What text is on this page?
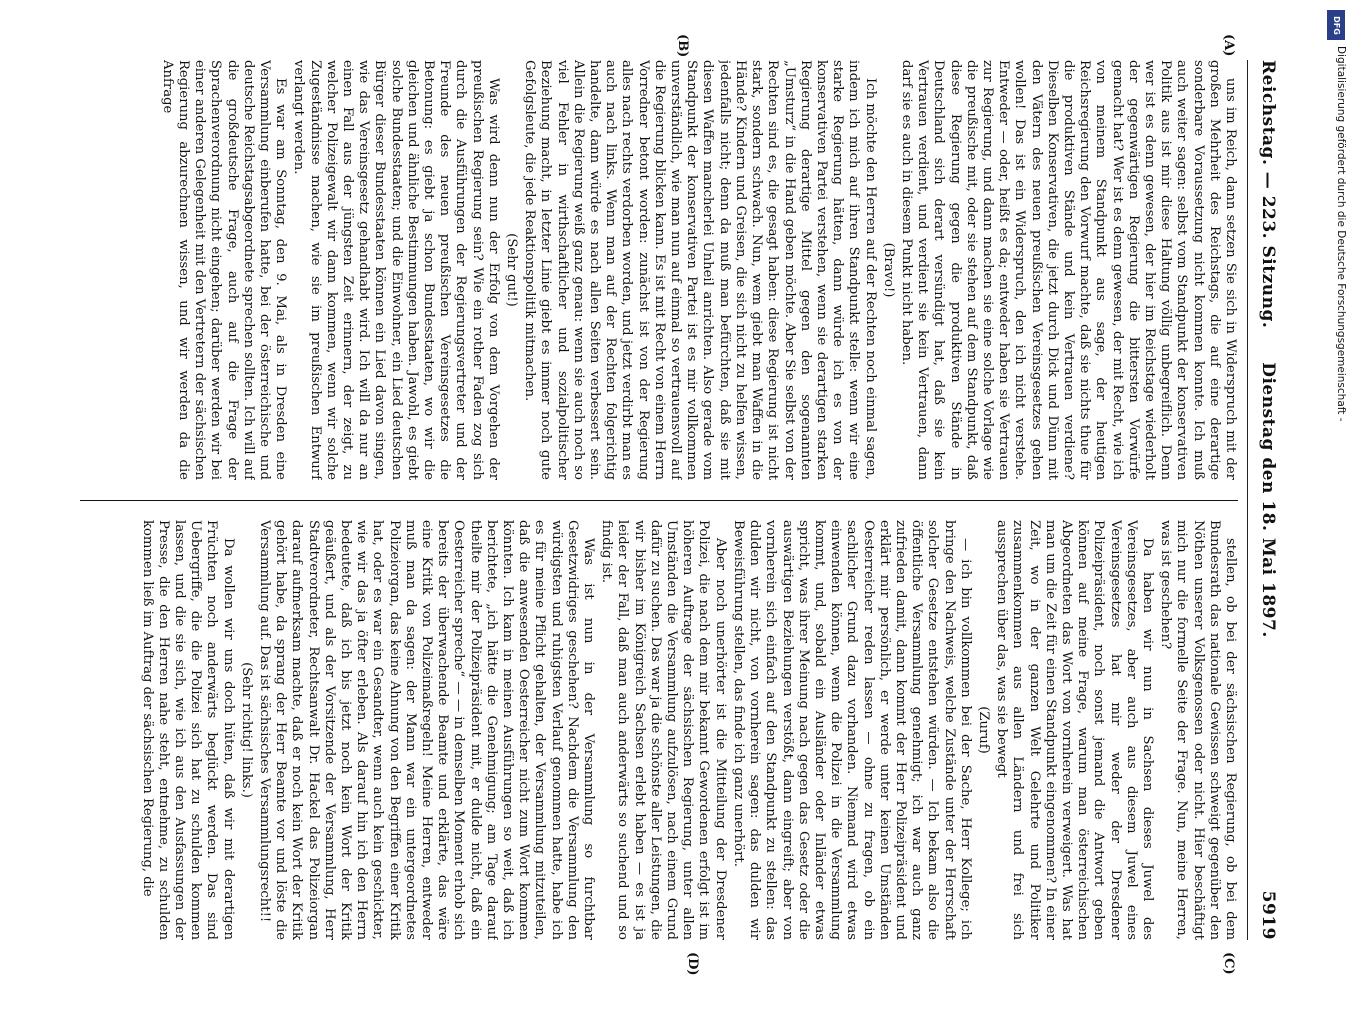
Reichstag. — 223. Sitzung.
Dienstag den 18. Mai 1897.
5919
(A)
(B)
(C)
(D)

uns im Reich, dann setzen Sie sich in Widerspruch mit der großen Mehrheit des Reichstags, die auf eine derartige sonderbare Voraussetzung nicht kommen konnte. Ich muß auch weiter sagen: selbst vom Standpunkt der konservativen Politik aus ist mir diese Haltung völlig unbegreiflich. Denn wer ist es denn gewesen, der hier im Reichstage wiederholt der gegenwärtigen Regierung die bittersten Vorwürfe gemacht hat? Wer ist es denn gewesen, der mit Recht, wie ich von meinem Standpunkt aus sage, der heutigen Reichsregierung den Vorwurf machte, daß sie nichts thue für die produktiven Stände und kein Vertrauen verdiene? Dieselben Konservativen, die jetzt durch Dick und Dünn mit den Vätern des neuen preußischen Vereinsgesetzes gehen wollen! Das ist ein Widerspruch, den ich nicht verstehe. Entweder — oder, heißt es da; entweder haben sie Vertrauen zur Regierung, und dann machen sie eine solche Vorlage wie die preußische mit, oder sie stehen auf dem Standpunkt, daß diese Regierung gegen die produktiven Stände in Deutschland sich derart versündigt hat, daß sie kein Vertrauen verdient, und verdient sie kein Vertrauen, dann darf sie es auch in diesem Punkt nicht haben.

(Bravo!)

Ich möchte den Herren auf der Rechten noch einmal sagen, indem ich mich auf ihren Standpunkt stelle: wenn wir eine starke Regierung hätten, dann würde ich es von der konservativen Partei verstehen, wenn sie derartigen starken Regierung derartige Mittel gegen den sogenannten „Umsturz“ in die Hand geben möchte. Aber Sie selbst von der Rechten sind es, die gesagt haben: diese Regierung ist nicht stark, sondern schwach. Nun, wem giebt man Waffen in die Hände? Kindern und Greisen, die sich nicht zu helfen wissen, jedenfalls nicht; denn da muß man befürchten, daß sie mit diesen Waffen mancherlei Unheil anrichten. Also gerade vom Standpunkt der konservativen Partei ist es mir vollkommen unverständlich, wie man nun auf einmal so vertrauensvoll auf die Regierung blicken kann. Es ist mit Recht von einem Herrn Vorredner betont worden: zunächst ist von der Regierung alles nach rechts verdorben worden, und jetzt verdirbt man es auch nach links. Wenn man auf der Rechten folgerichtig handelte, dann würde es nach allen Seiten verbessert sein. Allein die Regierung weiß ganz genau: wenn sie auch noch so viel Fehler in wirthschaftlicher und sozialpolitischer Beziehung macht, in letzter Linie giebt es immer noch gute Gefolgsleute, die jede Reaktionspolitik mitmachen.

(Sehr gut!)

Was wird denn nun der Erfolg von dem Vorgehen der preußischen Regierung sein? Wie ein rother Faden zog sich durch die Ausführungen der Regierungsvertreter und der Freunde des neuen preußischen Vereinsgesetzes die Betonung: es giebt ja schon Bundesstaaten, wo wir die gleichen und ähnliche Bestimmungen haben. Jawohl, es giebt solche Bundesstaaten; und die Einwohner, ein Lied deutschen Bürger dieser Bundesstaaten können ein Lied davon singen, wie das Vereinsgesetz gehandhabt wird. Ich will da nur an einen Fall aus der jüngsten Zeit erinnern, der zeigt, zu welcher Polizeigewalt wir dann kommen, wenn wir solche Zugeständnisse machen, wie sie im preußischen Entwurf verlangt werden.

Es war am Sonntag, den 9. Mai, als in Dresden eine Versammlung einberufen hatte, bei der österreichische und deutsche Reichstagsabgeordnete sprechen sollten. Ich will auf die großdeutsche Frage, auch auf die Frage der Sprachenverordnung nicht eingehen; darüber werden wir bei einer anderen Gelegenheit mit den Vertretern der sächsischen Regierung abzurechnen wissen, und wir werden da die Anfrage

stellen, ob bei der sächsischen Regierung, ob bei dem Bundesrath das nationale Gewissen schweigt gegenüber den Nöthen unserer Volksgenossen oder nicht. Hier beschäftigt mich nur die formelle Seite der Frage. Nun, meine Herren, was ist geschehen?

Da haben wir nun in Sachsen dieses Juwel des Vereinsgesetzes, aber auch aus diesem Juwel eines Vereinsgesetzes hat mir weder der Dresdener Polizeipräsident, noch sonst jemand die Antwort geben können auf meine Frage, warum man österreichischen Abgeordneten das Wort von vornherein verweigert. Was hat man um die Zeit für einen Standpunkt eingenommen? In einer Zeit, wo in der ganzen Welt Gelehrte und Politiker zusammenkommen aus allen Ländern und frei sich aussprechen über das, was sie bewegt

(Zuruf)

— ich bin vollkommen bei der Sache, Herr Kollege; ich bringe den Nachweis, welche Zustände unter der Herrschaft solcher Gesetze entstehen würden. — Ich bekam also die öffentliche Versammlung genehmigt; ich war auch ganz zufrieden damit, dann kommt der Herr Polizeipräsident und erklärt mir persönlich, er werde unter keinen Umständen Oesterreicher reden lassen — ohne zu fragen, ob ein sachlicher Grund dazu vorhanden. Niemand wird etwas einwenden können, wenn die Polizei in die Versammlung kommt, und, sobald ein Ausländer oder Inländer etwas spricht, was ihrer Meinung nach gegen das Gesetz oder die auswärtigen Beziehungen verstößt, dann eingreift; aber von vornherein sich einfach auf den Standpunkt zu stellen: das dulden wir nicht, von vornherein sagen: das dulden wir Beweisführung stellen, das finde ich ganz unerhört.

Aber noch unerhörter ist die Mitteilung der Dresdener Polizei, die nach dem mir bekannt Gewordenen erfolgt ist im höheren Auftrage der sächsischen Regierung, unter allen Umständen die Versammlung aufzulösen, nach einem Grund dafür zu suchen. Das war ja die schönste aller Leistungen, die wir bisher im Königreich Sachsen erlebt haben — es ist ja leider der Fall, daß man auch anderwärts so suchend und so findig ist.

Was ist nun in der Versammlung so furchtbar Gesetzwidriges geschehen? Nachdem die Versammlung den würdigsten und ruhigsten Verlauf genommen hatte, habe ich es für meine Pflicht gehalten, der Versammlung mitzuteilen, daß die anwesenden Oesterreicher nicht zum Wort kommen könnten. Ich kam in meinen Ausführungen so weit, daß ich berichtete, „ich hätte die Genehmigung; am Tage darauf theilte mir der Polizeipräsident mit, er dulde nicht, daß ein Oesterreicher spreche“ — — in demselben Moment erhob sich bereits der überwachende Beamte und erklärte, das wäre eine Kritik von Polizeimaßregeln! Meine Herren, entweder muß man da sagen: der Mann war ein untergeordnetes Polizeiorgan, das keine Ahnung von den Begriffen einer Kritik hat, oder es war ein Gesandter, wenn auch kein geschickter, wie wir das ja öfter erleben. Als darauf hin ich den Herrn bedeutete, daß ich bis jetzt noch kein Wort der Kritik geäußert, und als der Vorsitzende der Versammlung, Herr Stadtverordneter, Rechtsanwalt Dr. Hackel das Polizeiorgan darauf aufmerksam machte, daß er noch kein Wort der Kritik gehört habe, da sprang der Herr Beamte vor und löste die Versammlung auf. Das ist sächsisches Versammlungsrecht!!

(Sehr richtig! links.)

Da wollen wir uns doch hüten, daß wir mit derartigen Früchten noch anderwärts beglückt werden. Das sind Uebergriffe, die die Polizei sich hat zu schulden kommen lassen, und die sie sich, wie ich aus den Ausfassungen der Presse, die den Herren nahe steht, entnehme, zu schulden kommen ließ im Auftrag der sächsischen Regierung, die

DFG
Digitalisierung gefördert durch die Deutsche Forschungsgemeinschaft -
